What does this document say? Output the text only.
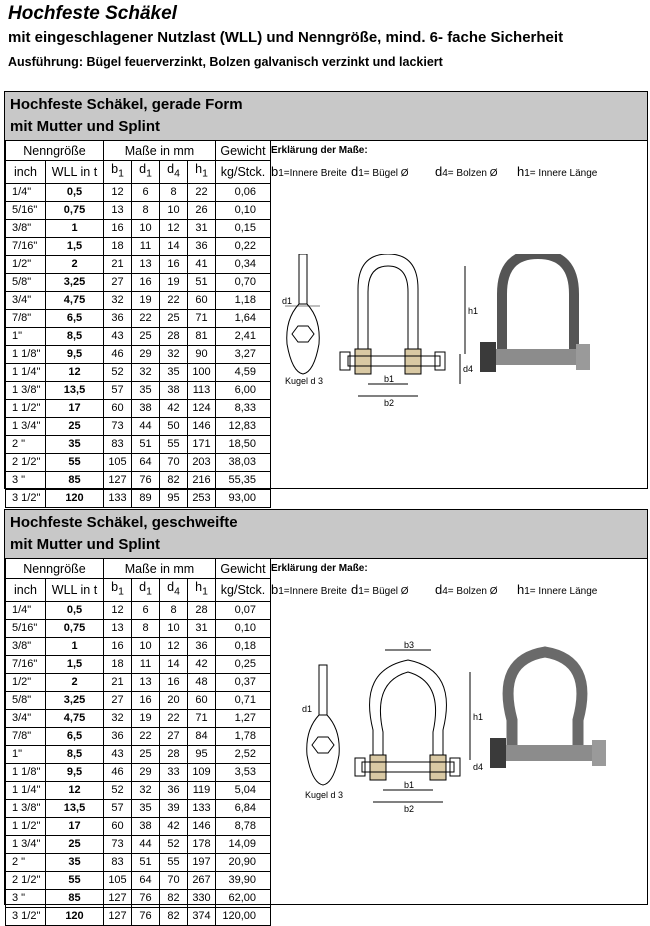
Hochfeste Schäkel
mit eingeschlagener Nutzlast (WLL) und Nenngröße, mind. 6- fache Sicherheit
Ausführung: Bügel feuerverzinkt, Bolzen galvanisch verzinkt und lackiert
Hochfeste Schäkel, gerade Form
mit Mutter und Splint
Nenngröße		Maße in mm				Gewicht
inch	WLL in t	$b_1$	$d_1$	$d_4$	$h_1$	kg/Stck.
1/4"	0,5	12	6	8	22	0,06
5/16"	0,75	13	8	10	26	0,10
3/8"	1	16	10	12	31	0,15
7/16"	1,5	18	11	14	36	0,22
1/2"	2	21	13	16	41	0,34
5/8"	3,25	27	16	19	51	0,70
3/4"	4,75	32	19	22	60	1,18
7/8"	6,5	36	22	25	71	1,64
1"	8,5	43	25	28	81	2,41
1 1/8"	9,5	46	29	32	90	3,27
1 1/4"	12	52	32	35	100	4,59
1 3/8"	13,5	57	35	38	113	6,00
1 1/2"	17	60	38	42	124	8,33
1 3/4"	25	73	44	50	146	12,83
2 "	35	83	51	55	171	18,50
2 1/2"	55	105	64	70	203	38,03
3 "	85	127	76	82	216	55,35
3 1/2"	120	133	89	95	253	93,00
Erklärung der Maße:
b1=Innere Breite d1= Bügel Ø d4= Bolzen Ø h1= Innere Länge
d1
Kugel d 3	b1
b2
h1
d4
Hochfeste Schäkel, geschweifte
mit Mutter und Splint
Nenngröße		Maße in mm				Gewicht
inch	WLL in t	$b_1$	$d_1$	$d_4$	$h_1$	kg/Stck.
1/4"	0,5	12	6	8	28	0,07
5/16"	0,75	13	8	10	31	0,10
3/8"	1	16	10	12	36	0,18
7/16"	1,5	18	11	14	42	0,25
1/2"	2	21	13	16	48	0,37
5/8"	3,25	27	16	20	60	0,71
3/4"	4,75	32	19	22	71	1,27
7/8"	6,5	36	22	27	84	1,78
1"	8,5	43	25	28	95	2,52
1 1/8"	9,5	46	29	33	109	3,53
1 1/4"	12	52	32	36	119	5,04
1 3/8"	13,5	57	35	39	133	6,84
1 1/2"	17	60	38	42	146	8,78
1 3/4"	25	73	44	52	178	14,09
2 "	35	83	51	55	197	20,90
2 1/2"	55	105	64	70	267	39,90
3 "	85	127	76	82	330	62,00
3 1/2"	120	127	76	82	374	120,00
Erklärung der Maße:
b1=Innere Breite d1= Bügel Ø d4= Bolzen Ø h1= Innere Länge
d1
Kugel d 3
b3
b1
b2
h1
d4
